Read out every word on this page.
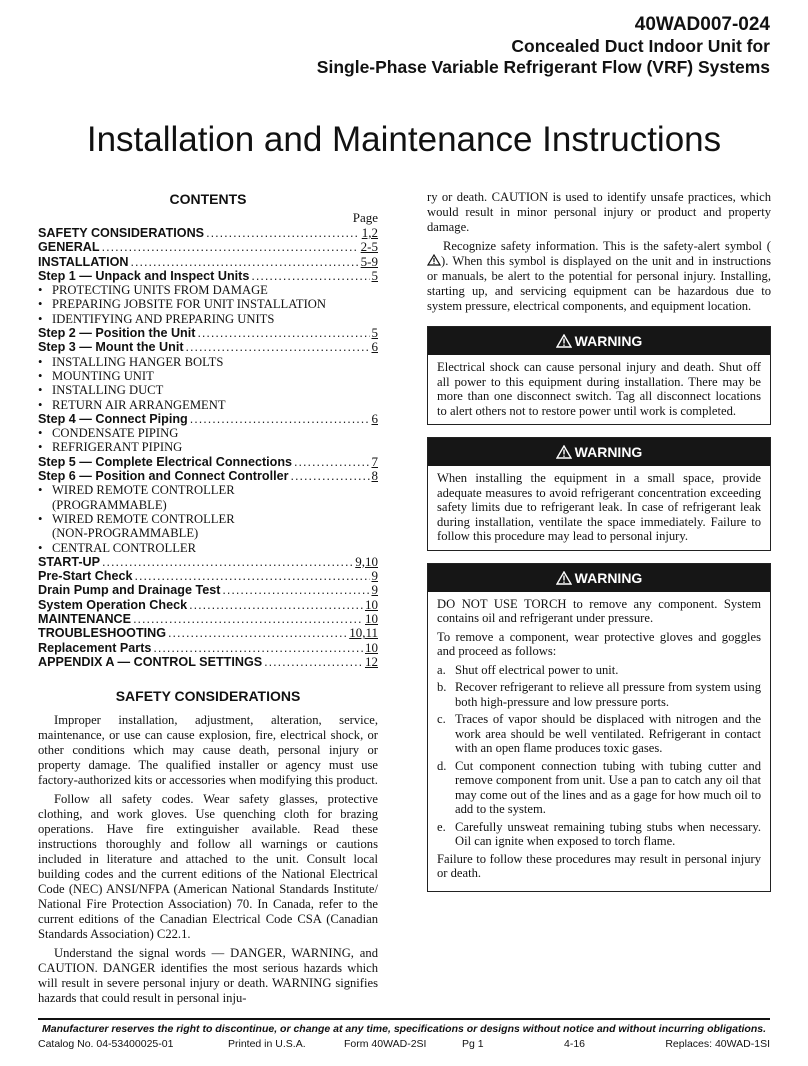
40WAD007-024
Concealed Duct Indoor Unit for
Single-Phase Variable Refrigerant Flow (VRF) Systems
Installation and Maintenance Instructions
CONTENTS
Page
SAFETY CONSIDERATIONS .....	1,2
GENERAL .....	2-5
INSTALLATION .....	5-9
Step 1 — Unpack and Inspect Units .....	5
• PROTECTING UNITS FROM DAMAGE
• PREPARING JOBSITE FOR UNIT INSTALLATION
• IDENTIFYING AND PREPARING UNITS
Step 2 — Position the Unit .....	5
Step 3 — Mount the Unit .....	6
• INSTALLING HANGER BOLTS
• MOUNTING UNIT
• INSTALLING DUCT
• RETURN AIR ARRANGEMENT
Step 4 — Connect Piping .....	6
• CONDENSATE PIPING
• REFRIGERANT PIPING
Step 5 — Complete Electrical Connections .....	7
Step 6 — Position and Connect Controller .....	8
• WIRED REMOTE CONTROLLER
(PROGRAMMABLE)
• WIRED REMOTE CONTROLLER
(NON-PROGRAMMABLE)
• CENTRAL CONTROLLER
START-UP .....	9,10
Pre-Start Check .....	9
Drain Pump and Drainage Test .....	9
System Operation Check .....	10
MAINTENANCE .....	10
TROUBLESHOOTING .....	10,11
Replacement Parts .....	10
APPENDIX A — CONTROL SETTINGS .....	12
SAFETY CONSIDERATIONS

Improper installation, adjustment, alteration, service, maintenance, or use can cause explosion, fire, electrical shock, or other conditions which may cause death, personal injury or property damage. The qualified installer or agency must use factory-authorized kits or accessories when modifying this product.

Follow all safety codes. Wear safety glasses, protective clothing, and work gloves. Use quenching cloth for brazing operations. Have fire extinguisher available. Read these instructions thoroughly and follow all warnings or cautions included in literature and attached to the unit. Consult local building codes and the current editions of the National Electrical Code (NEC) ANSI/NFPA (American National Standards Institute/ National Fire Protection Association) 70. In Canada, refer to the current editions of the Canadian Electrical Code CSA (Canadian Standards Association) C22.1.

Understand the signal words — DANGER, WARNING, and CAUTION. DANGER identifies the most serious hazards which will result in severe personal injury or death. WARNING signifies hazards that could result in personal inju-

ry or death. CAUTION is used to identify unsafe practices, which would result in minor personal injury or product and property damage.

Recognize safety information. This is the safety-alert symbol (). When this symbol is displayed on the unit and in instructions or manuals, be alert to the potential for personal injury. Installing, starting up, and servicing equipment can be hazardous due to system pressure, electrical components, and equipment location.

WARNING
Electrical shock can cause personal injury and death. Shut off all power to this equipment during installation. There may be more than one disconnect switch. Tag all disconnect locations to alert others not to restore power until work is completed.
WARNING
When installing the equipment in a small space, provide adequate measures to avoid refrigerant concentration exceeding safety limits due to refrigerant leak. In case of refrigerant leak during installation, ventilate the space immediately. Failure to follow this procedure may lead to personal injury.
WARNING

DO NOT USE TORCH to remove any component. System contains oil and refrigerant under pressure.

To remove a component, wear protective gloves and goggles and proceed as follows:

a. Shut off electrical power to unit.
b. Recover refrigerant to relieve all pressure from system using both high-pressure and low pressure ports.
c. Traces of vapor should be displaced with nitrogen and the work area should be well ventilated. Refrigerant in contact with an open flame produces toxic gases.
d. Cut component connection tubing with tubing cutter and remove component from unit. Use a pan to catch any oil that may come out of the lines and as a gage for how much oil to add to the system.
e. Carefully unsweat remaining tubing stubs when necessary. Oil can ignite when exposed to torch flame.

Failure to follow these procedures may result in personal injury or death.

Manufacturer reserves the right to discontinue, or change at any time, specifications or designs without notice and without incurring obligations.
Catalog No. 04-53400025-01	Printed in U.S.A.	Form 40WAD-2SI	Pg 1	4-16	Replaces: 40WAD-1SI
